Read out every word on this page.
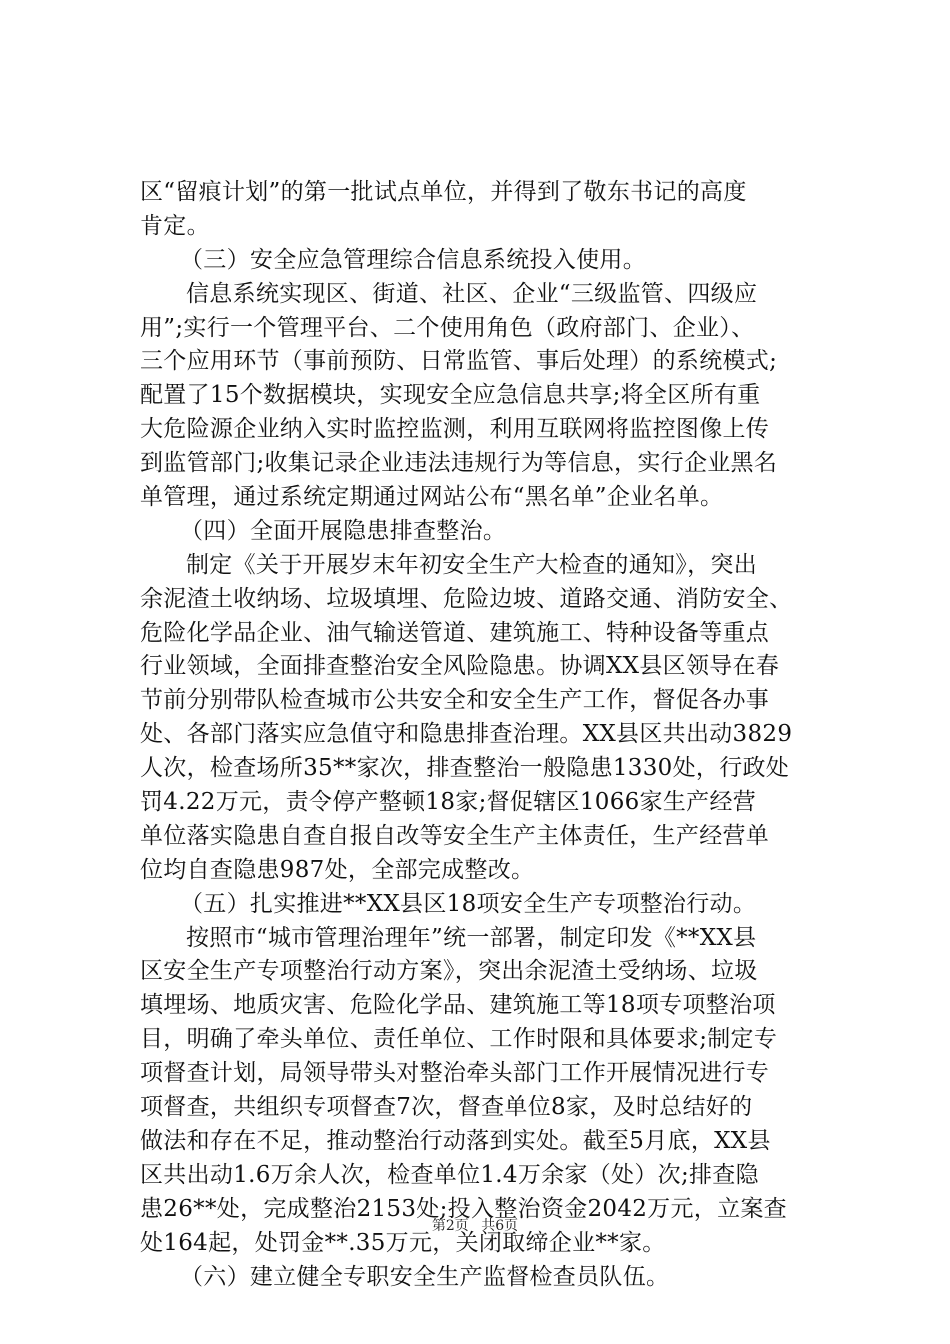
区“留痕计划”的第一批试点单位，并得到了敬东书记的高度
肯定。
（三）安全应急管理综合信息系统投入使用。
信息系统实现区、街道、社区、企业“三级监管、四级应
用”;实行一个管理平台、二个使用角色（政府部门、企业）、
三个应用环节（事前预防、日常监管、事后处理）的系统模式;
配置了15个数据模块，实现安全应急信息共享;将全区所有重
大危险源企业纳入实时监控监测，利用互联网将监控图像上传
到监管部门;收集记录企业违法违规行为等信息，实行企业黑名
单管理，通过系统定期通过网站公布“黑名单”企业名单。
（四）全面开展隐患排查整治。
制定《关于开展岁末年初安全生产大检查的通知》，突出
余泥渣土收纳场、垃圾填埋、危险边坡、道路交通、消防安全、
危险化学品企业、油气输送管道、建筑施工、特种设备等重点
行业领域，全面排查整治安全风险隐患。协调XX县区领导在春
节前分别带队检查城市公共安全和安全生产工作，督促各办事
处、各部门落实应急值守和隐患排查治理。XX县区共出动3829
人次，检查场所35**家次，排查整治一般隐患1330处，行政处
罚4.22万元，责令停产整顿18家;督促辖区1066家生产经营
单位落实隐患自查自报自改等安全生产主体责任，生产经营单
位均自查隐患987处，全部完成整改。
（五）扎实推进**XX县区18项安全生产专项整治行动。
按照市“城市管理治理年”统一部署，制定印发《**XX县
区安全生产专项整治行动方案》，突出余泥渣土受纳场、垃圾
填埋场、地质灾害、危险化学品、建筑施工等18项专项整治项
目，明确了牵头单位、责任单位、工作时限和具体要求;制定专
项督查计划，局领导带头对整治牵头部门工作开展情况进行专
项督查，共组织专项督查7次，督查单位8家，及时总结好的
做法和存在不足，推动整治行动落到实处。截至5月底，XX县
区共出动1.6万余人次，检查单位1.4万余家（处）次;排查隐
患26**处，完成整治2153处;投入整治资金2042万元，立案查
处164起，处罚金**.35万元，关闭取缔企业**家。
（六）建立健全专职安全生产监督检查员队伍。
第2页 共6页
